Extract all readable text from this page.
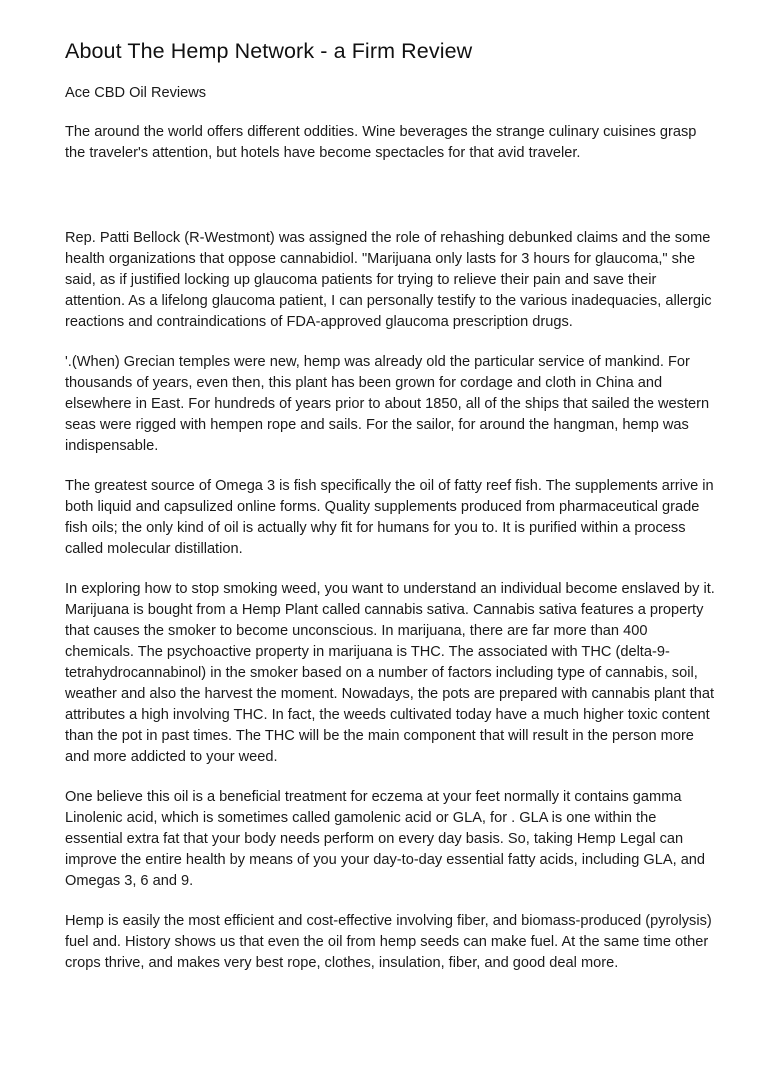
About The Hemp Network - a Firm Review
Ace CBD Oil Reviews

The around the world offers different oddities. Wine beverages the strange culinary cuisines grasp the traveler's attention, but hotels have become spectacles for that avid traveler.

Rep. Patti Bellock (R-Westmont) was assigned the role of rehashing debunked claims and the some health organizations that oppose cannabidiol. "Marijuana only lasts for 3 hours for glaucoma," she said, as if justified locking up glaucoma patients for trying to relieve their pain and save their attention. As a lifelong glaucoma patient, I can personally testify to the various inadequacies, allergic reactions and contraindications of FDA-approved glaucoma prescription drugs.

'.(When) Grecian temples were new, hemp was already old the particular service of mankind. For thousands of years, even then, this plant has been grown for cordage and cloth in China and elsewhere in East. For hundreds of years prior to about 1850, all of the ships that sailed the western seas were rigged with hempen rope and sails. For the sailor, for around the hangman, hemp was indispensable.

The greatest source of Omega 3 is fish specifically the oil of fatty reef fish. The supplements arrive in both liquid and capsulized online forms. Quality supplements produced from pharmaceutical grade fish oils; the only kind of oil is actually why fit for humans for you to. It is purified within a process called molecular distillation.

In exploring how to stop smoking weed, you want to understand an individual become enslaved by it. Marijuana is bought from a Hemp Plant called cannabis sativa. Cannabis sativa features a property that causes the smoker to become unconscious. In marijuana, there are far more than 400 chemicals. The psychoactive property in marijuana is THC. The associated with THC (delta-9-tetrahydrocannabinol) in the smoker based on a number of factors including type of cannabis, soil, weather and also the harvest the moment. Nowadays, the pots are prepared with cannabis plant that attributes a high involving THC. In fact, the weeds cultivated today have a much higher toxic content than the pot in past times. The THC will be the main component that will result in the person more and more addicted to your weed.

One believe this oil is a beneficial treatment for eczema at your feet normally it contains gamma Linolenic acid, which is sometimes called gamolenic acid or GLA, for . GLA is one within the essential extra fat that your body needs perform on every day basis. So, taking Hemp Legal can improve the entire health by means of you your day-to-day essential fatty acids, including GLA, and Omegas 3, 6 and 9.

Hemp is easily the most efficient and cost-effective involving fiber, and biomass-produced (pyrolysis) fuel and. History shows us that even the oil from hemp seeds can make fuel. At the same time other crops thrive, and makes very best rope, clothes, insulation, fiber, and good deal more.
